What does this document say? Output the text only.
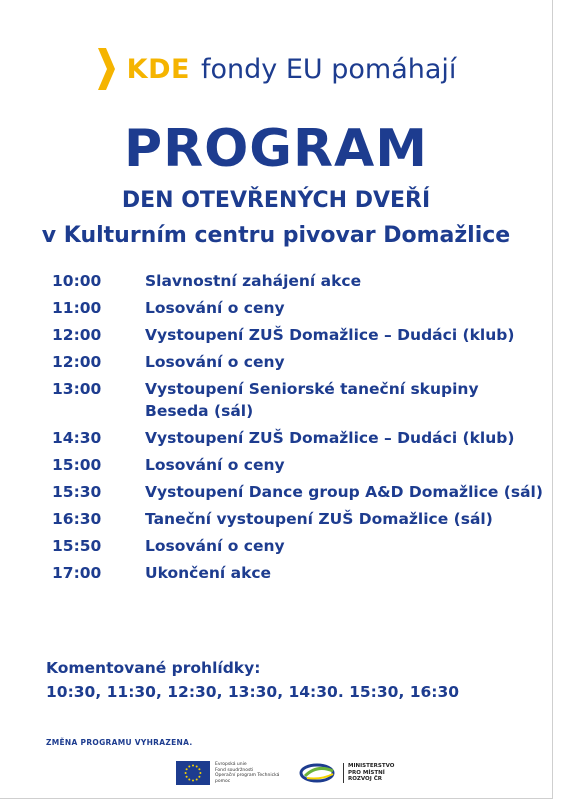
KDE fondy EU pomáhají
PROGRAM
DEN OTEVŘENÝCH DVEŘÍ
v Kulturním centru pivovar Domažlice
10:00	Slavnostní zahájení akce
11:00	Losování o ceny
12:00	Vystoupení ZUŠ Domažlice – Dudáci (klub)
12:00	Losování o ceny
13:00	Vystoupení Seniorské taneční skupiny Beseda (sál)
14:30	Vystoupení ZUŠ Domažlice – Dudáci (klub)
15:00	Losování o ceny
15:30	Vystoupení Dance group A&D Domažlice (sál)
16:30	Taneční vystoupení ZUŠ Domažlice (sál)
15:50	Losování o ceny
17:00	Ukončení akce
Komentované prohlídky:
10:30, 11:30, 12:30, 13:30, 14:30. 15:30, 16:30
ZMĚNA PROGRAMU VYHRAZENA.
Evropská unie
Fond soudržnosti
Operační program Technická pomoc
MINISTERSTVO
PRO MÍSTNÍ
ROZVOJ ČR
